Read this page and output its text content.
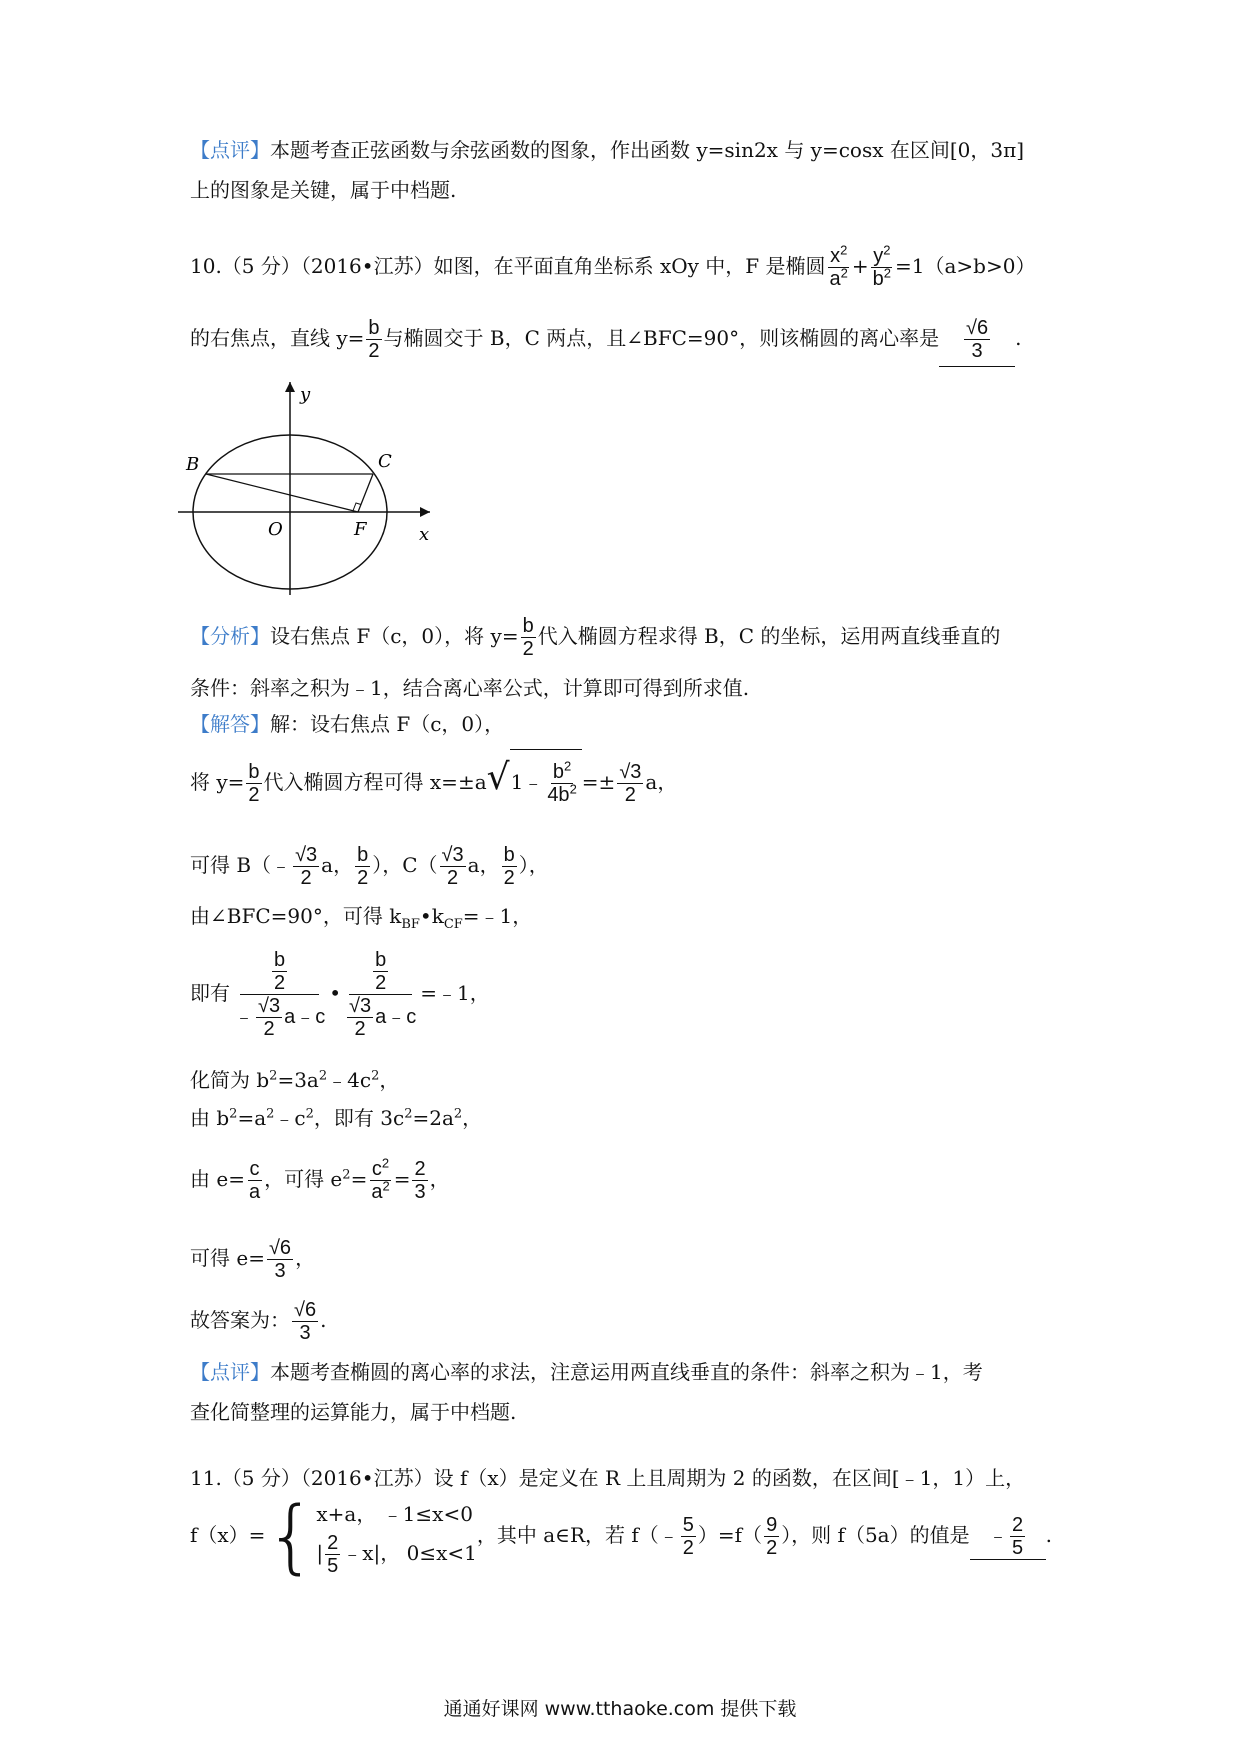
【点评】本题考查正弦函数与余弦函数的图象，作出函数 y=sin2x 与 y=cosx 在区间[0，3π]
上的图象是关键，属于中档题.
10.（5 分）（2016•江苏）如图，在平面直角坐标系 xOy 中，F 是椭圆 $\frac{x^2}{a^2} + \frac{y^2}{b^2} =1(a>b>0)$
的右焦点，直线 $y= \frac{b}{2}$ 与椭圆交于 B，C 两点，且∠BFC=90°，则该椭圆的离心率是 $\frac{√6}{3}$ .
B	C
O	F	x
y
【分析】设右焦点 F（c，0），将 $y= \frac{b}{2}$ 代入椭圆方程求得 B，C 的坐标，运用两直线垂直的
条件：斜率之积为﹣1，结合离心率公式，计算即可得到所求值.
【解答】解：设右焦点 F（c，0），
将 $y= \frac{b}{2}$ 代入椭圆方程可得 x=±a√1﹣ $\frac{b^2}{4b^2} =\pm \frac{√3}{2}$ a，
可得 B（﹣ $\frac{√3}{2}$ a， $\frac{b}{2}$ ），$C( \frac{√3}{2}$ a， $\frac{b}{2}$ ），
由∠BFC=90°，可得 $k_{BF}•k_{CF}=﹣1$，
即有 $\frac{\frac{b}{2}}{﹣ \frac{√3}{2} a﹣c}$ • $\frac{\frac{b}{2}}{\frac{√3}{2} a﹣c}$ =﹣1，
化简为 $b^2=3a^2﹣4c^2$，
由 $b^2=a^2﹣c^2$，即有 $3c^2=2a^2$，
由 $e= \frac{c}{a}$ ，可得 $e^2= \frac{c^2}{a^2} = \frac{2}{3}$ ，
可得 $e= \frac{√6}{3}$ ，
故答案为： $\frac{√6}{3}$ .
【点评】本题考查椭圆的离心率的求法，注意运用两直线垂直的条件：斜率之积为﹣1，考
查化简整理的运算能力，属于中档题.
11.（5 分）（2016•江苏）设 f（x）是定义在 R 上且周期为 2 的函数，在区间[﹣1，1）上，
f（x）={ x+a， ﹣1≤x<0
| $\frac{2}{5}$ ﹣x|， 0≤x<1
，其中 a∈R，若 f（﹣ $\frac{5}{2} )=f( \frac{9}{2}$ ），则 f（5a）的值是 ﹣ $\frac{2}{5}$ .
通通好课网 www.tthaoke.com 提供下载
